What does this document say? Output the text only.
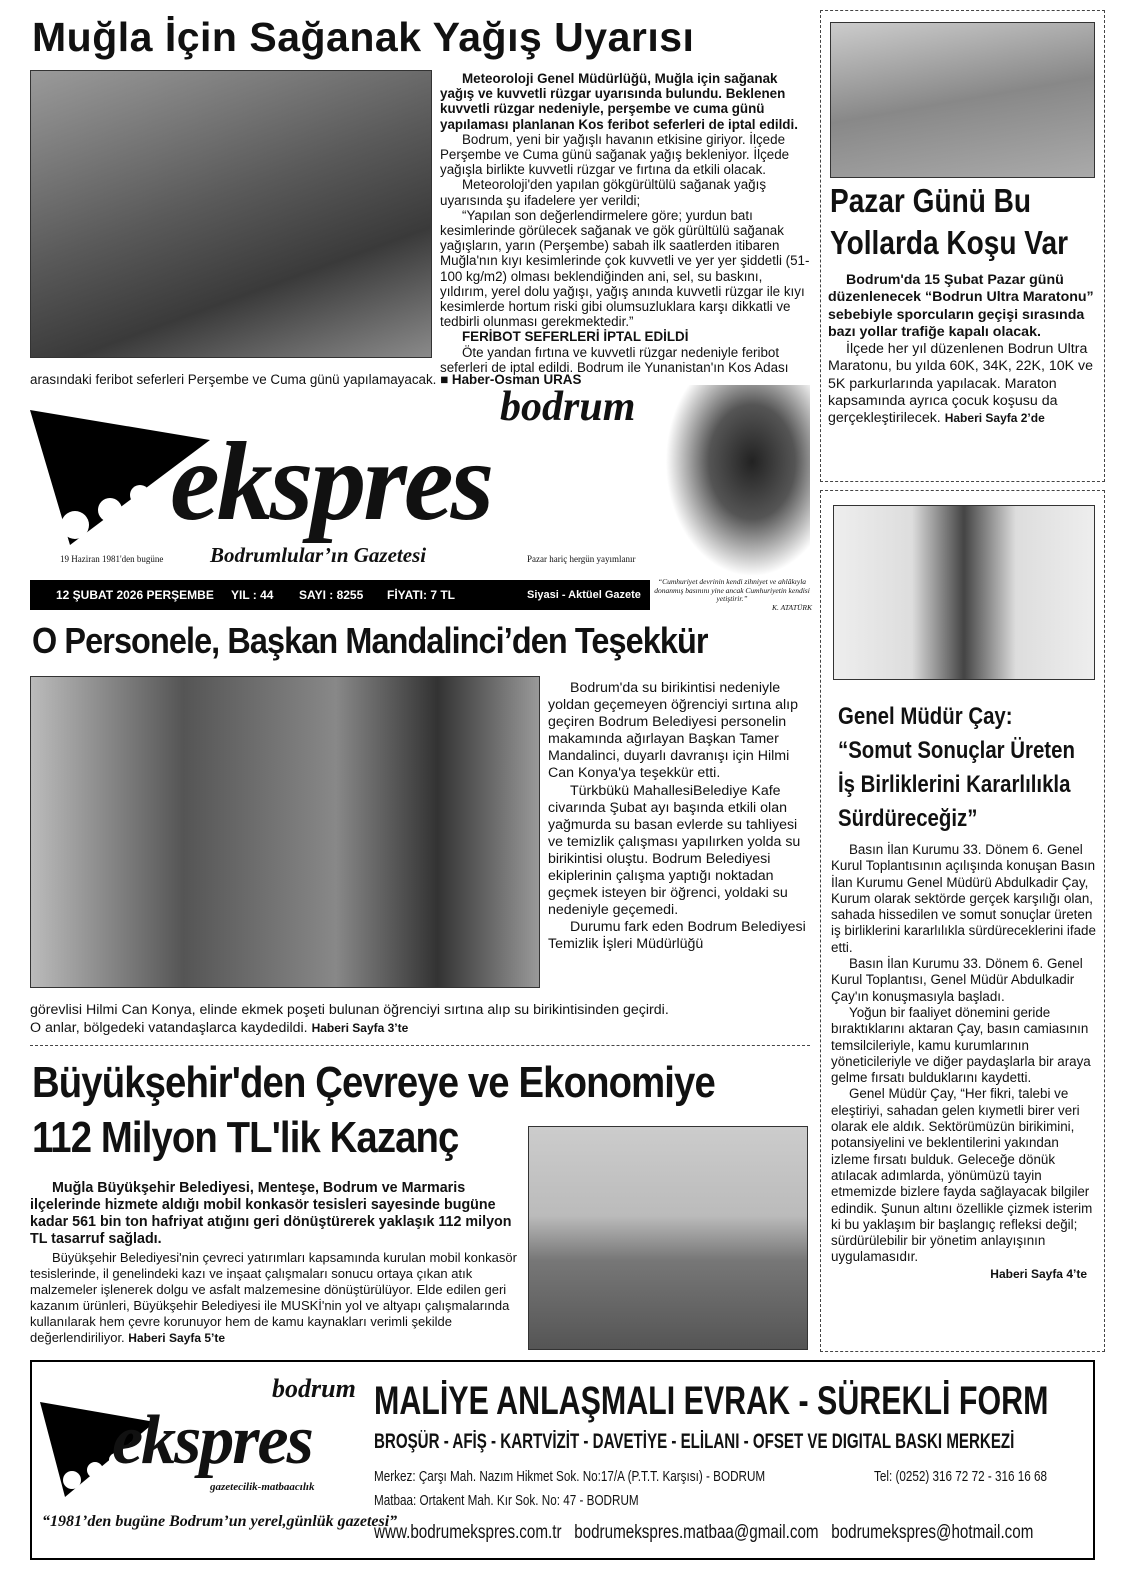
Muğla İçin Sağanak Yağış Uyarısı

Meteoroloji Genel Müdürlüğü, Muğla için sağanak yağış ve kuvvetli rüzgar uyarısında bulundu. Beklenen kuvvetli rüzgar nedeniyle, perşembe ve cuma günü yapılaması planlanan Kos feribot seferleri de iptal edildi.

Bodrum, yeni bir yağışlı havanın etkisine giriyor. İlçede Perşembe ve Cuma günü sağanak yağış bekleniyor. İlçede yağışla birlikte kuvvetli rüzgar ve fırtına da etkili olacak.

Meteoroloji'den yapılan gökgürültülü sağanak yağış uyarısında şu ifadelere yer verildi;

“Yapılan son değerlendirmelere göre; yurdun batı kesimlerinde görülecek sağanak ve gök gürültülü sağanak yağışların, yarın (Perşembe) sabah ilk saatlerden itibaren Muğla'nın kıyı kesimlerinde çok kuvvetli ve yer yer şiddetli (51-100 kg/m2) olması beklendiğinden ani, sel, su baskını, yıldırım, yerel dolu yağışı, yağış anında kuvvetli rüzgar ile kıyı kesimlerde hortum riski gibi olumsuzluklara karşı dikkatli ve tedbirli olunması gerekmektedir.”

FERİBOT SEFERLERİ İPTAL EDİLDİ

Öte yandan fırtına ve kuvvetli rüzgar nedeniyle feribot seferleri de iptal edildi. Bodrum ile Yunanistan'ın Kos Adası

arasındaki feribot seferleri Perşembe ve Cuma günü yapılamayacak. ■ Haber-Osman URAS
bodrum
ekspres
19 Haziran 1981'den bugüne Bodrumlular’ın Gazetesi	Pazar hariç hergün yayımlanır
“Cumhuriyet devrinin kendi zihniyet ve ahlâkıyla donanmış basınını yine ancak Cumhuriyetin kendisi yetiştirir.”
K. ATATÜRK
12 ŞUBAT 2026 PERŞEMBE	YIL : 44	SAYI : 8255	FİYATI: 7 TL	Siyasi - Aktüel Gazete
O Personele, Başkan Mandalinci’den Teşekkür

Bodrum'da su birikintisi nedeniyle yoldan geçemeyen öğrenciyi sırtına alıp geçiren Bodrum Belediyesi personelin makamında ağırlayan Başkan Tamer Mandalinci, duyarlı davranışı için Hilmi Can Konya'ya teşekkür etti.

Türkbükü MahallesiBelediye Kafe civarında Şubat ayı başında etkili olan yağmurda su basan evlerde su tahliyesi ve temizlik çalışması yapılırken yolda su birikintisi oluştu. Bodrum Belediyesi ekiplerinin çalışma yaptığı noktadan geçmek isteyen bir öğrenci, yoldaki su nedeniyle geçemedi.

Durumu fark eden Bodrum Belediyesi Temizlik İşleri Müdürlüğü

görevlisi Hilmi Can Konya, elinde ekmek poşeti bulunan öğrenciyi sırtına alıp su birikintisinden geçirdi.
O anlar, bölgedeki vatandaşlarca kaydedildi. Haberi Sayfa 3’te
Büyükşehir'den Çevreye ve Ekonomiye
112 Milyon TL'lik Kazanç

Muğla Büyükşehir Belediyesi, Menteşe, Bodrum ve Marmaris ilçelerinde hizmete aldığı mobil konkasör tesisleri sayesinde bugüne kadar 561 bin ton hafriyat atığını geri dönüştürerek yaklaşık 112 milyon TL tasarruf sağladı.

Büyükşehir Belediyesi'nin çevreci yatırımları kapsamında kurulan mobil konkasör tesislerinde, il genelindeki kazı ve inşaat çalışmaları sonucu ortaya çıkan atık malzemeler işlenerek dolgu ve asfalt malzemesine dönüştürülüyor. Elde edilen geri kazanım ürünleri, Büyükşehir Belediyesi ile MUSKİ'nin yol ve altyapı çalışmalarında kullanılarak hem çevre korunuyor hem de kamu kaynakları verimli şekilde değerlendiriliyor. Haberi Sayfa 5’te

Pazar Günü Bu
Yollarda Koşu Var

Bodrum'da 15 Şubat Pazar günü düzenlenecek “Bodrun Ultra Maratonu” sebebiyle sporcuların geçişi sırasında bazı yollar trafiğe kapalı olacak.

İlçede her yıl düzenlenen Bodrun Ultra Maratonu, bu yılda 60K, 34K, 22K, 10K ve 5K parkurlarında yapılacak. Maraton kapsamında ayrıca çocuk koşusu da gerçekleştirilecek. Haberi Sayfa 2’de

Genel Müdür Çay:
“Somut Sonuçlar Üreten
İş Birliklerini Kararlılıkla
Sürdüreceğiz”

Basın İlan Kurumu 33. Dönem 6. Genel Kurul Toplantısının açılışında konuşan Basın İlan Kurumu Genel Müdürü Abdulkadir Çay, Kurum olarak sektörde gerçek karşılığı olan, sahada hissedilen ve somut sonuçlar üreten iş birliklerini kararlılıkla sürdüreceklerini ifade etti.

Basın İlan Kurumu 33. Dönem 6. Genel Kurul Toplantısı, Genel Müdür Abdulkadir Çay'ın konuşmasıyla başladı.

Yoğun bir faaliyet dönemini geride bıraktıklarını aktaran Çay, basın camiasının temsilcileriyle, kamu kurumlarının yöneticileriyle ve diğer paydaşlarla bir araya gelme fırsatı bulduklarını kaydetti.

Genel Müdür Çay, “Her fikri, talebi ve eleştiriyi, sahadan gelen kıymetli birer veri olarak ele aldık. Sektörümüzün birikimini, potansiyelini ve beklentilerini yakından izleme fırsatı bulduk. Geleceğe dönük atılacak adımlarda, yönümüzü tayin etmemizde bizlere fayda sağlayacak bilgiler edindik. Şunun altını özellikle çizmek isterim ki bu yaklaşım bir başlangıç refleksi değil; sürdürülebilir bir yönetim anlayışının uygulamasıdır.

Haberi Sayfa 4’te

bodrum
ekspres
gazetecilik-matbaacılık
“1981’den bugüne Bodrum’un yerel,günlük gazetesi”
MALİYE ANLAŞMALI EVRAK - SÜREKLİ FORM
BROŞÜR - AFİŞ - KARTVİZİT - DAVETİYE - ELİLANI - OFSET VE DIGITAL BASKI MERKEZİ
Merkez: Çarşı Mah. Nazım Hikmet Sok. No:17/A (P.T.T. Karşısı) - BODRUM	Tel: (0252) 316 72 72 - 316 16 68
Matbaa: Ortakent Mah. Kır Sok. No: 47 - BODRUM
www.bodrumekspres.com.tr bodrumekspres.matbaa@gmail.com bodrumekspres@hotmail.com
